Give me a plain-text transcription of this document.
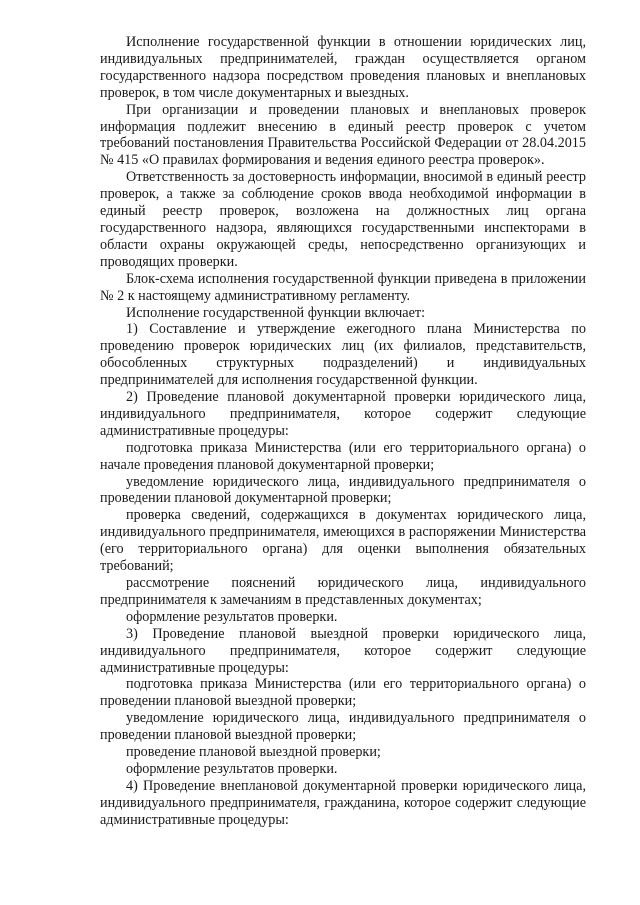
Исполнение государственной функции в отношении юридических лиц, индивидуальных предпринимателей, граждан осуществляется органом государственного надзора посредством проведения плановых и внеплановых проверок, в том числе документарных и выездных.

При организации и проведении плановых и внеплановых проверок информация подлежит внесению в единый реестр проверок с учетом требований постановления Правительства Российской Федерации от 28.04.2015 № 415 «О правилах формирования и ведения единого реестра проверок».

Ответственность за достоверность информации, вносимой в единый реестр проверок, а также за соблюдение сроков ввода необходимой информации в единый реестр проверок, возложена на должностных лиц органа государственного надзора, являющихся государственными инспекторами в области охраны окружающей среды, непосредственно организующих и проводящих проверки.

Блок-схема исполнения государственной функции приведена в приложении № 2 к настоящему административному регламенту.

Исполнение государственной функции включает:

1) Составление и утверждение ежегодного плана Министерства по проведению проверок юридических лиц (их филиалов, представительств, обособленных структурных подразделений) и индивидуальных предпринимателей для исполнения государственной функции.

2) Проведение плановой документарной проверки юридического лица, индивидуального предпринимателя, которое содержит следующие административные процедуры:

подготовка приказа Министерства (или его территориального органа) о начале проведения плановой документарной проверки;

уведомление юридического лица, индивидуального предпринимателя о проведении плановой документарной проверки;

проверка сведений, содержащихся в документах юридического лица, индивидуального предпринимателя, имеющихся в распоряжении Министерства (его территориального органа) для оценки выполнения обязательных требований;

рассмотрение пояснений юридического лица, индивидуального предпринимателя к замечаниям в представленных документах;

оформление результатов проверки.

3) Проведение плановой выездной проверки юридического лица, индивидуального предпринимателя, которое содержит следующие административные процедуры:

подготовка приказа Министерства (или его территориального органа) о проведении плановой выездной проверки;

уведомление юридического лица, индивидуального предпринимателя о проведении плановой выездной проверки;

проведение плановой выездной проверки;

оформление результатов проверки.

4) Проведение внеплановой документарной проверки юридического лица, индивидуального предпринимателя, гражданина, которое содержит следующие административные процедуры:
